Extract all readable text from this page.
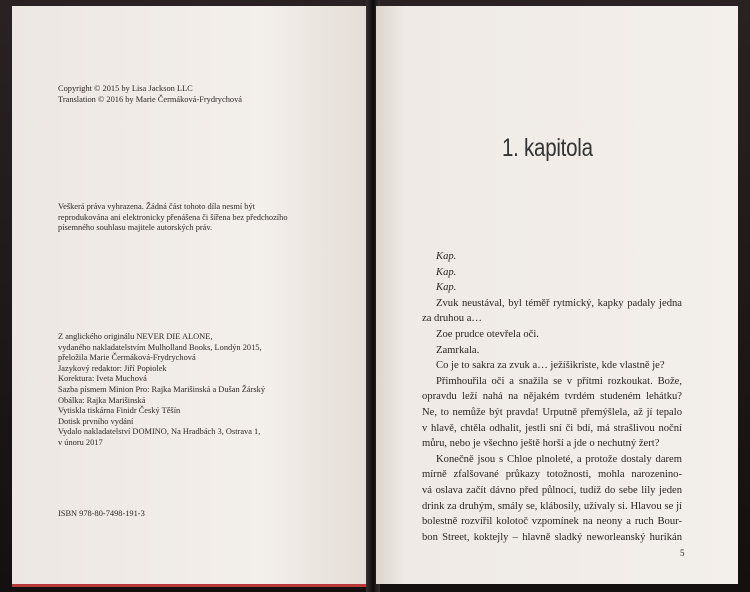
Copyright © 2015 by Lisa Jackson LLC
Translation © 2016 by Marie Čermáková-Frydrychová
Veškerá práva vyhrazena. Žádná část tohoto díla nesmí být
reprodukována ani elektronicky přenášena či šířena bez předchozího
písemného souhlasu majitele autorských práv.
Z anglického originálu NEVER DIE ALONE,
vydaného nakladatelstvím Mulholland Books, Londýn 2015,
přeložila Marie Čermáková-Frydrychová
Jazykový redaktor: Jiří Popiolek
Korektura: Iveta Muchová
Sazba písmem Minion Pro: Rajka Marišinská a Dušan Žárský
Obálka: Rajka Marišinská
Vytiskla tiskárna Finidr Český Těšín
Dotisk prvního vydání
Vydalo nakladatelství DOMINO, Na Hradbách 3, Ostrava 1,
v únoru 2017
ISBN 978-80-7498-191-3
1. kapitola
Kap.
Kap.
Kap.
Zvuk neustával, byl téměř rytmický, kapky padaly jedna
za druhou a…
Zoe prudce otevřela oči.
Zamrkala.
Co je to sakra za zvuk a… ježíšikriste, kde vlastně je?
Přimhouřila oči a snažila se v přítmi rozkoukat. Bože,
opravdu leží nahá na nějakém tvrdém studeném lehátku?
Ne, to nemůže být pravda! Urputně přemýšlela, až jí tepalo
v hlavě, chtěla odhalit, jestli sní či bdí, má strašlivou noční
můru, nebo je všechno ještě horší a jde o nechutný žert?
Konečně jsou s Chloe plnoleté, a protože dostaly darem
mírně zfalšované průkazy totožnosti, mohla narozenino-
vá oslava začít dávno před půlnocí, tudíž do sebe lily jeden
drink za druhým, smály se, klábosily, užívaly si. Hlavou se jí
bolestně rozvířil kolotoč vzpomínek na neony a ruch Bour-
bon Street, koktejly – hlavně sladký neworleanský hurikán
5
